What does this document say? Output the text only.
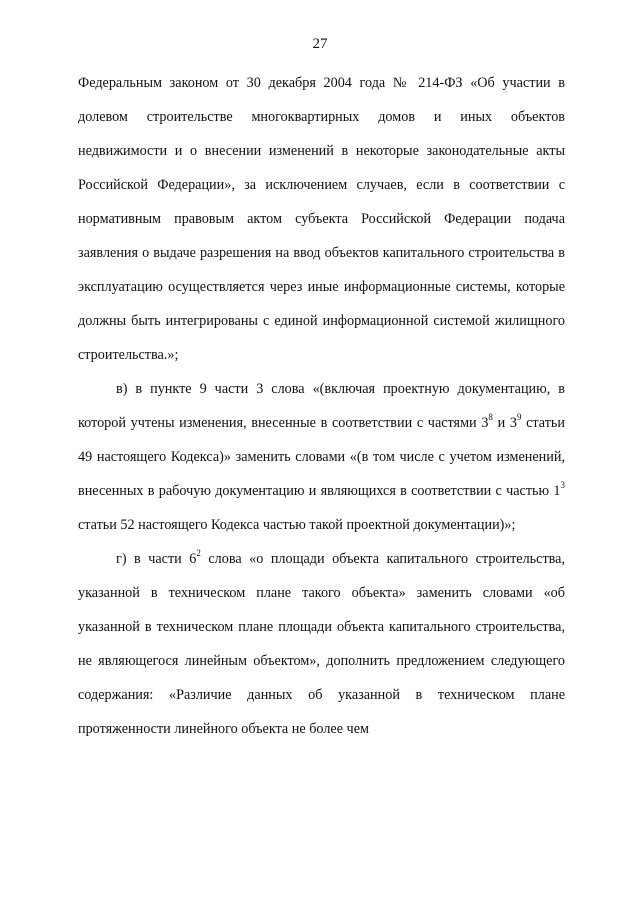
27

Федеральным законом от 30 декабря 2004 года № 214-ФЗ «Об участии в долевом строительстве многоквартирных домов и иных объектов недвижимости и о внесении изменений в некоторые законодательные акты Российской Федерации», за исключением случаев, если в соответствии с нормативным правовым актом субъекта Российской Федерации подача заявления о выдаче разрешения на ввод объектов капитального строительства в эксплуатацию осуществляется через иные информационные системы, которые должны быть интегрированы с единой информационной системой жилищного строительства.»;

в) в пункте 9 части 3 слова «(включая проектную документацию, в которой учтены изменения, внесенные в соответствии с частями $3^8$ и $3^9$ статьи 49 настоящего Кодекса)» заменить словами «(в том числе с учетом изменений, внесенных в рабочую документацию и являющихся в соответствии с частью $1^3$ статьи 52 настоящего Кодекса частью такой проектной документации)»;

г) в части $6^2$ слова «о площади объекта капитального строительства, указанной в техническом плане такого объекта» заменить словами «об указанной в техническом плане площади объекта капитального строительства, не являющегося линейным объектом», дополнить предложением следующего содержания: «Различие данных об указанной в техническом плане протяженности линейного объекта не более чем
